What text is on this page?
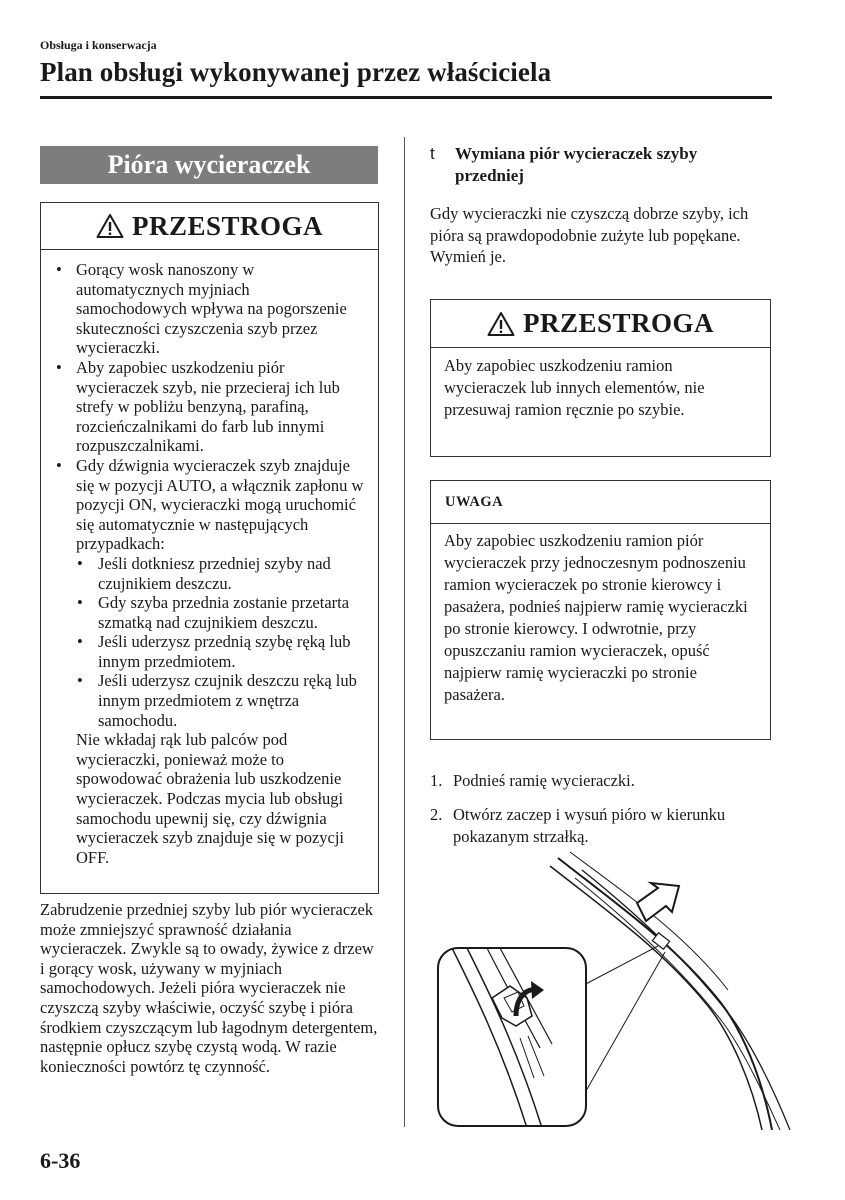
Obsługa i konserwacja
Plan obsługi wykonywanej przez właściciela
Pióra wycieraczek
PRZESTROGA
• Gorący wosk nanoszony w automatycznych myjniach samochodowych wpływa na pogorszenie skuteczności czyszczenia szyb przez wycieraczki.
• Aby zapobiec uszkodzeniu piór wycieraczek szyb, nie przecieraj ich lub strefy w pobliżu benzyną, parafiną, rozcieńczalnikami do farb lub innymi rozpuszczalnikami.
• Gdy dźwignia wycieraczek szyb znajduje się w pozycji AUTO, a włącznik zapłonu w pozycji ON, wycieraczki mogą uruchomić się automatycznie w następujących przypadkach:
• Jeśli dotkniesz przedniej szyby nad czujnikiem deszczu.
• Gdy szyba przednia zostanie przetarta szmatką nad czujnikiem deszczu.
• Jeśli uderzysz przednią szybę ręką lub innym przedmiotem.
• Jeśli uderzysz czujnik deszczu ręką lub innym przedmiotem z wnętrza samochodu.
Nie wkładaj rąk lub palców pod wycieraczki, ponieważ może to spowodować obrażenia lub uszkodzenie wycieraczek. Podczas mycia lub obsługi samochodu upewnij się, czy dźwignia wycieraczek szyb znajduje się w pozycji OFF.
Zabrudzenie przedniej szyby lub piór wycieraczek może zmniejszyć sprawność działania wycieraczek. Zwykle są to owady, żywice z drzew i gorący wosk, używany w myjniach samochodowych. Jeżeli pióra wycieraczek nie czyszczą szyby właściwie, oczyść szybę i pióra środkiem czyszczącym lub łagodnym detergentem, następnie opłucz szybę czystą wodą. W razie konieczności powtórz tę czynność.
t	Wymiana piór wycieraczek szyby przedniej
Gdy wycieraczki nie czyszczą dobrze szyby, ich pióra są prawdopodobnie zużyte lub popękane. Wymień je.
PRZESTROGA
Aby zapobiec uszkodzeniu ramion wycieraczek lub innych elementów, nie przesuwaj ramion ręcznie po szybie.
UWAGA
Aby zapobiec uszkodzeniu ramion piór wycieraczek przy jednoczesnym podnoszeniu ramion wycieraczek po stronie kierowcy i pasażera, podnieś najpierw ramię wycieraczki po stronie kierowcy. I odwrotnie, przy opuszczaniu ramion wycieraczek, opuść najpierw ramię wycieraczki po stronie pasażera.
1. Podnieś ramię wycieraczki.
2. Otwórz zaczep i wysuń pióro w kierunku pokazanym strzałką.
6-36
